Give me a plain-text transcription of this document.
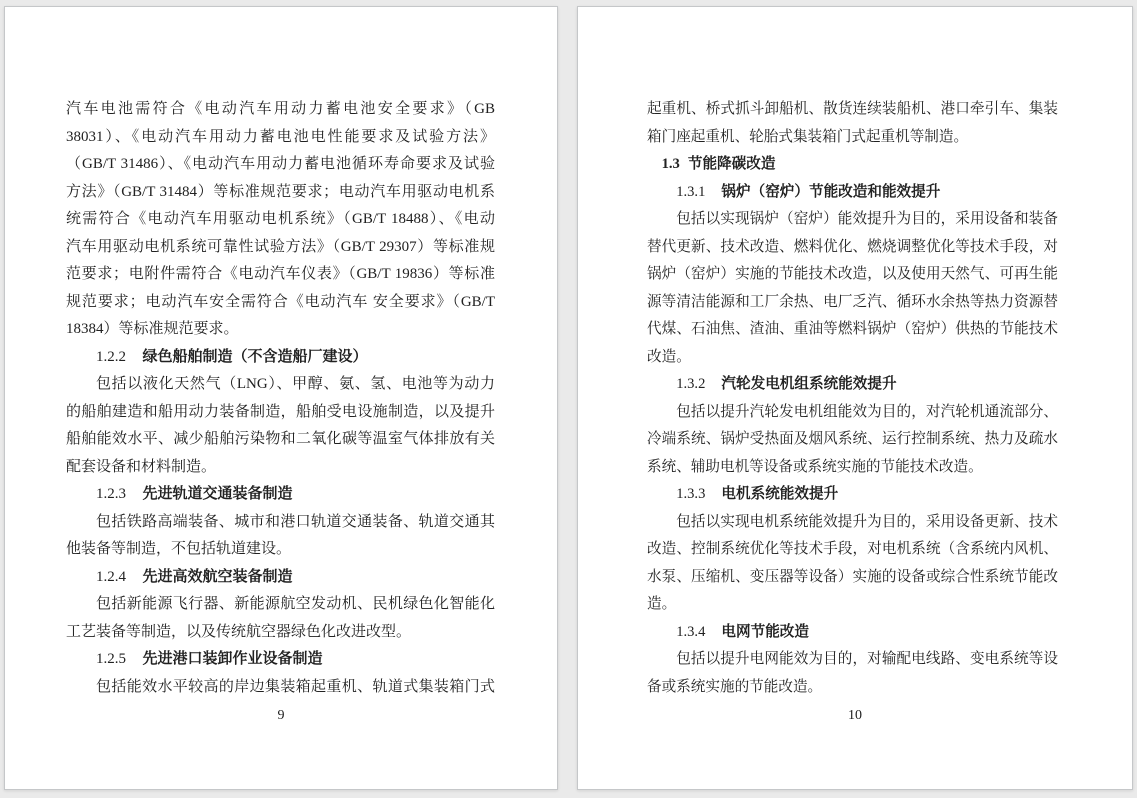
汽车电池需符合《电动汽车用动力蓄电池安全要求》（GB
38031）、《电动汽车用动力蓄电池电性能要求及试验方法》
（GB/T 31486）、《电动汽车用动力蓄电池循环寿命要求及试验
方法》（GB/T 31484）等标准规范要求；电动汽车用驱动电机系
统需符合《电动汽车用驱动电机系统》（GB/T 18488）、《电动
汽车用驱动电机系统可靠性试验方法》（GB/T 29307）等标准规
范要求；电附件需符合《电动汽车仪表》（GB/T 19836）等标准
规范要求；电动汽车安全需符合《电动汽车 安全要求》（GB/T
18384）等标准规范要求。
1.2.2 绿色船舶制造（不含造船厂建设）
包括以液化天然气（LNG）、甲醇、氨、氢、电池等为动力
的船舶建造和船用动力装备制造，船舶受电设施制造，以及提升
船舶能效水平、减少船舶污染物和二氧化碳等温室气体排放有关
配套设备和材料制造。
1.2.3 先进轨道交通装备制造
包括铁路高端装备、城市和港口轨道交通装备、轨道交通其
他装备等制造，不包括轨道建设。
1.2.4 先进高效航空装备制造
包括新能源飞行器、新能源航空发动机、民机绿色化智能化
工艺装备等制造，以及传统航空器绿色化改进改型。
1.2.5 先进港口装卸作业设备制造
包括能效水平较高的岸边集装箱起重机、轨道式集装箱门式
9
起重机、桥式抓斗卸船机、散货连续装船机、港口牵引车、集装
箱门座起重机、轮胎式集装箱门式起重机等制造。
1.3 节能降碳改造
1.3.1 锅炉（窑炉）节能改造和能效提升
包括以实现锅炉（窑炉）能效提升为目的，采用设备和装备
替代更新、技术改造、燃料优化、燃烧调整优化等技术手段，对
锅炉（窑炉）实施的节能技术改造，以及使用天然气、可再生能
源等清洁能源和工厂余热、电厂乏汽、循环水余热等热力资源替
代煤、石油焦、渣油、重油等燃料锅炉（窑炉）供热的节能技术
改造。
1.3.2 汽轮发电机组系统能效提升
包括以提升汽轮发电机组能效为目的，对汽轮机通流部分、
冷端系统、锅炉受热面及烟风系统、运行控制系统、热力及疏水
系统、辅助电机等设备或系统实施的节能技术改造。
1.3.3 电机系统能效提升
包括以实现电机系统能效提升为目的，采用设备更新、技术
改造、控制系统优化等技术手段，对电机系统（含系统内风机、
水泵、压缩机、变压器等设备）实施的设备或综合性系统节能改
造。
1.3.4 电网节能改造
包括以提升电网能效为目的，对输配电线路、变电系统等设
备或系统实施的节能改造。
10
